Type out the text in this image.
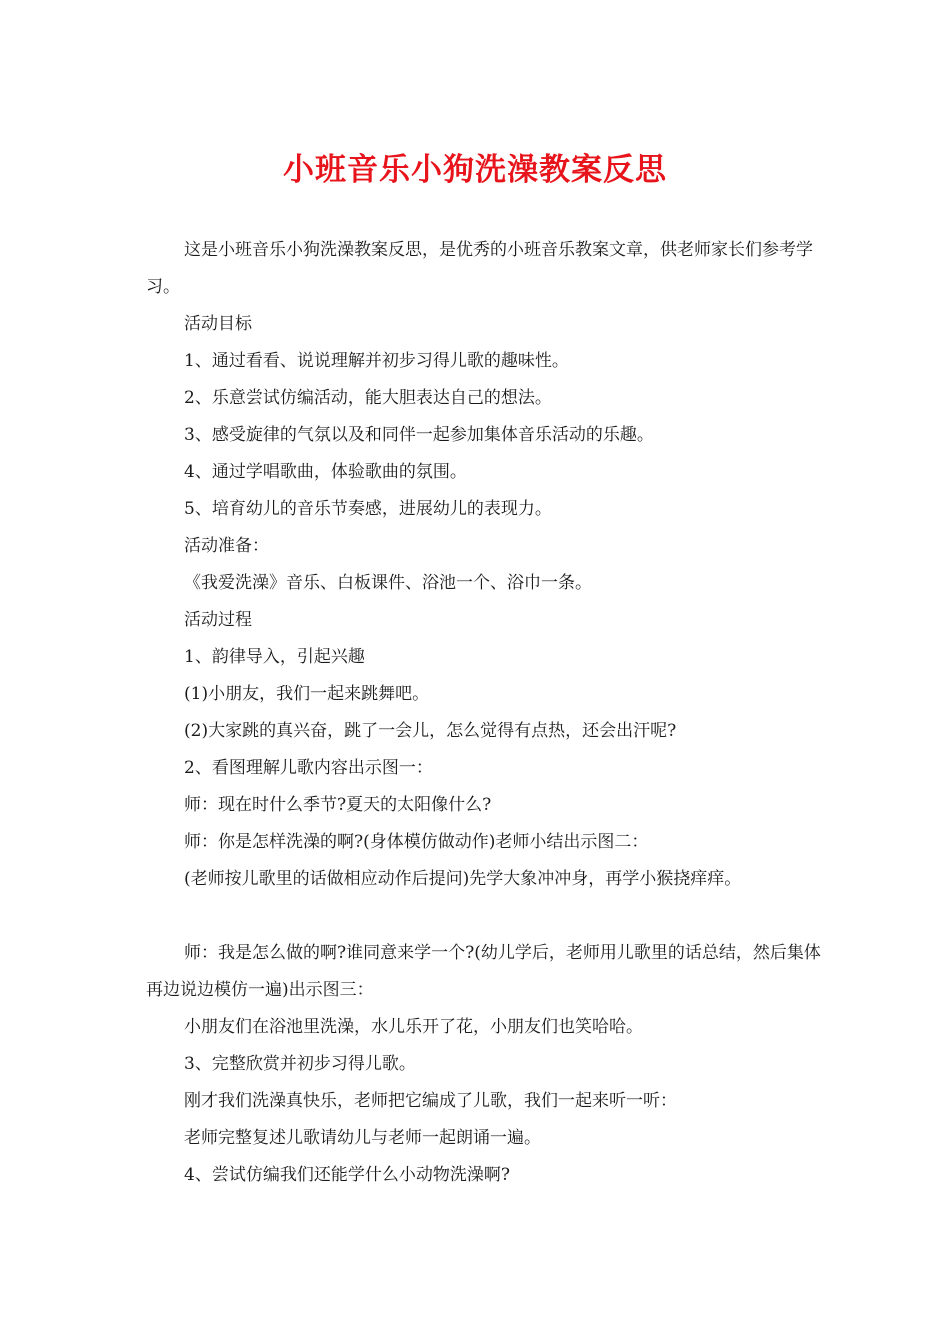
小班音乐小狗洗澡教案反思

这是小班音乐小狗洗澡教案反思，是优秀的小班音乐教案文章，供老师家长们参考学习。

活动目标

1、通过看看、说说理解并初步习得儿歌的趣味性。

2、乐意尝试仿编活动，能大胆表达自己的想法。

3、感受旋律的气氛以及和同伴一起参加集体音乐活动的乐趣。

4、通过学唱歌曲，体验歌曲的氛围。

5、培育幼儿的音乐节奏感，进展幼儿的表现力。

活动准备：

《我爱洗澡》音乐、白板课件、浴池一个、浴巾一条。

活动过程

1、韵律导入，引起兴趣

(1)小朋友，我们一起来跳舞吧。

(2)大家跳的真兴奋，跳了一会儿，怎么觉得有点热，还会出汗呢?

2、看图理解儿歌内容出示图一：

师：现在时什么季节?夏天的太阳像什么?

师：你是怎样洗澡的啊?(身体模仿做动作)老师小结出示图二：

(老师按儿歌里的话做相应动作后提问)先学大象冲冲身，再学小猴挠痒痒。

师：我是怎么做的啊?谁同意来学一个?(幼儿学后，老师用儿歌里的话总结，然后集体再边说边模仿一遍)出示图三：

小朋友们在浴池里洗澡，水儿乐开了花，小朋友们也笑哈哈。

3、完整欣赏并初步习得儿歌。

刚才我们洗澡真快乐，老师把它编成了儿歌，我们一起来听一听：

老师完整复述儿歌请幼儿与老师一起朗诵一遍。

4、尝试仿编我们还能学什么小动物洗澡啊?
